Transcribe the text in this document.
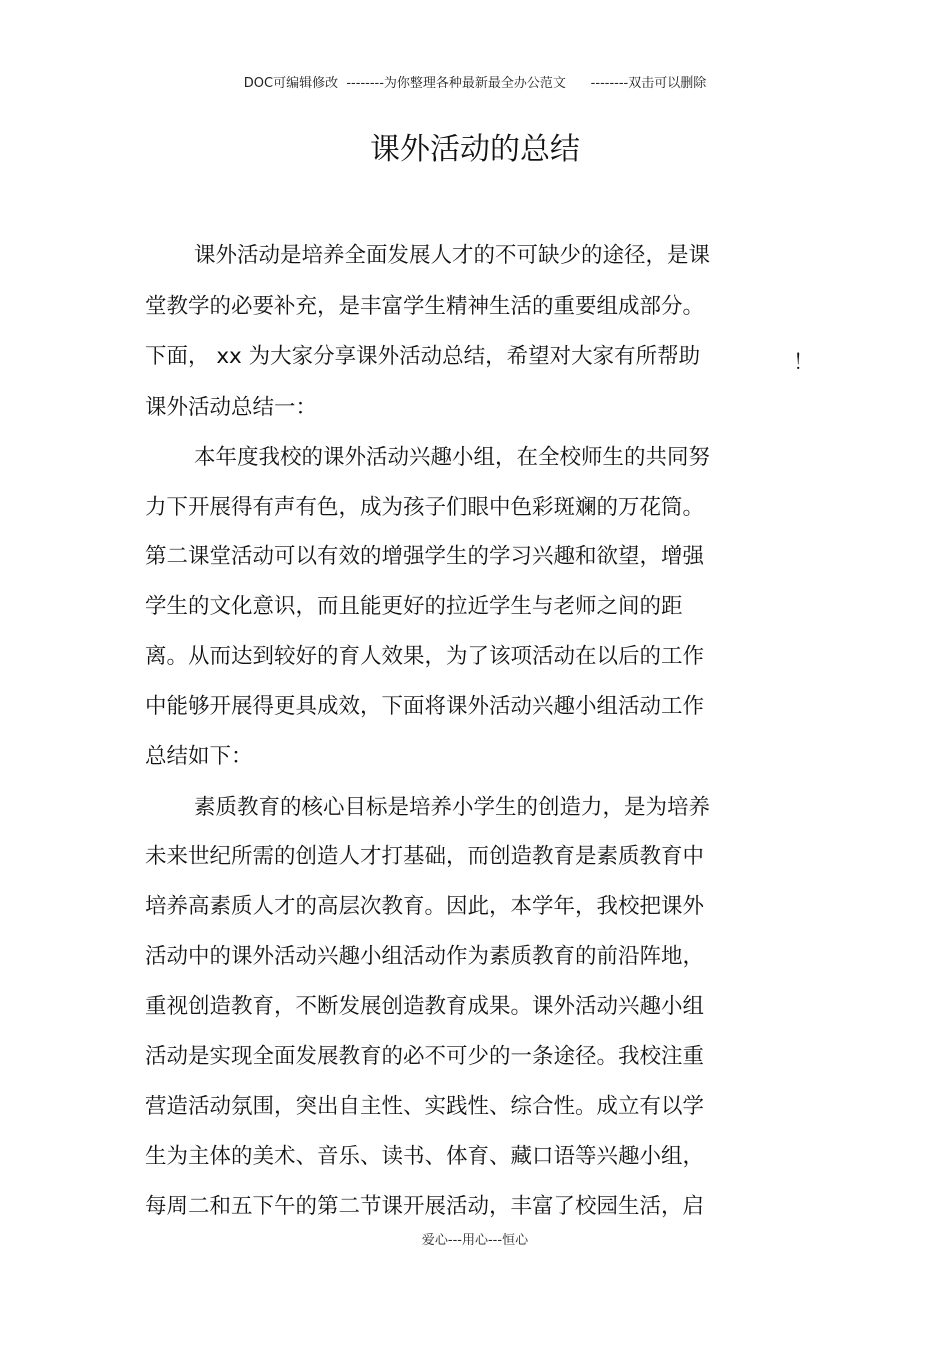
DOC可编辑修改  --------为你整理各种最新最全办公范文      --------双击可以删除
课外活动的总结
课外活动是培养全面发展人才的不可缺少的途径，是课
堂教学的必要补充，是丰富学生精神生活的重要组成部分。
下面， xx 为大家分享课外活动总结，希望对大家有所帮助	！
课外活动总结一：
本年度我校的课外活动兴趣小组，在全校师生的共同努
力下开展得有声有色，成为孩子们眼中色彩斑斓的万花筒。
第二课堂活动可以有效的增强学生的学习兴趣和欲望，增强
学生的文化意识，而且能更好的拉近学生与老师之间的距
离。从而达到较好的育人效果，为了该项活动在以后的工作
中能够开展得更具成效，下面将课外活动兴趣小组活动工作
总结如下：
素质教育的核心目标是培养小学生的创造力，是为培养
未来世纪所需的创造人才打基础，而创造教育是素质教育中
培养高素质人才的高层次教育。因此，本学年，我校把课外
活动中的课外活动兴趣小组活动作为素质教育的前沿阵地，
重视创造教育，不断发展创造教育成果。课外活动兴趣小组
活动是实现全面发展教育的必不可少的一条途径。我校注重
营造活动氛围，突出自主性、实践性、综合性。成立有以学
生为主体的美术、音乐、读书、体育、藏口语等兴趣小组，
每周二和五下午的第二节课开展活动，丰富了校园生活，启
爱心---用心---恒心
